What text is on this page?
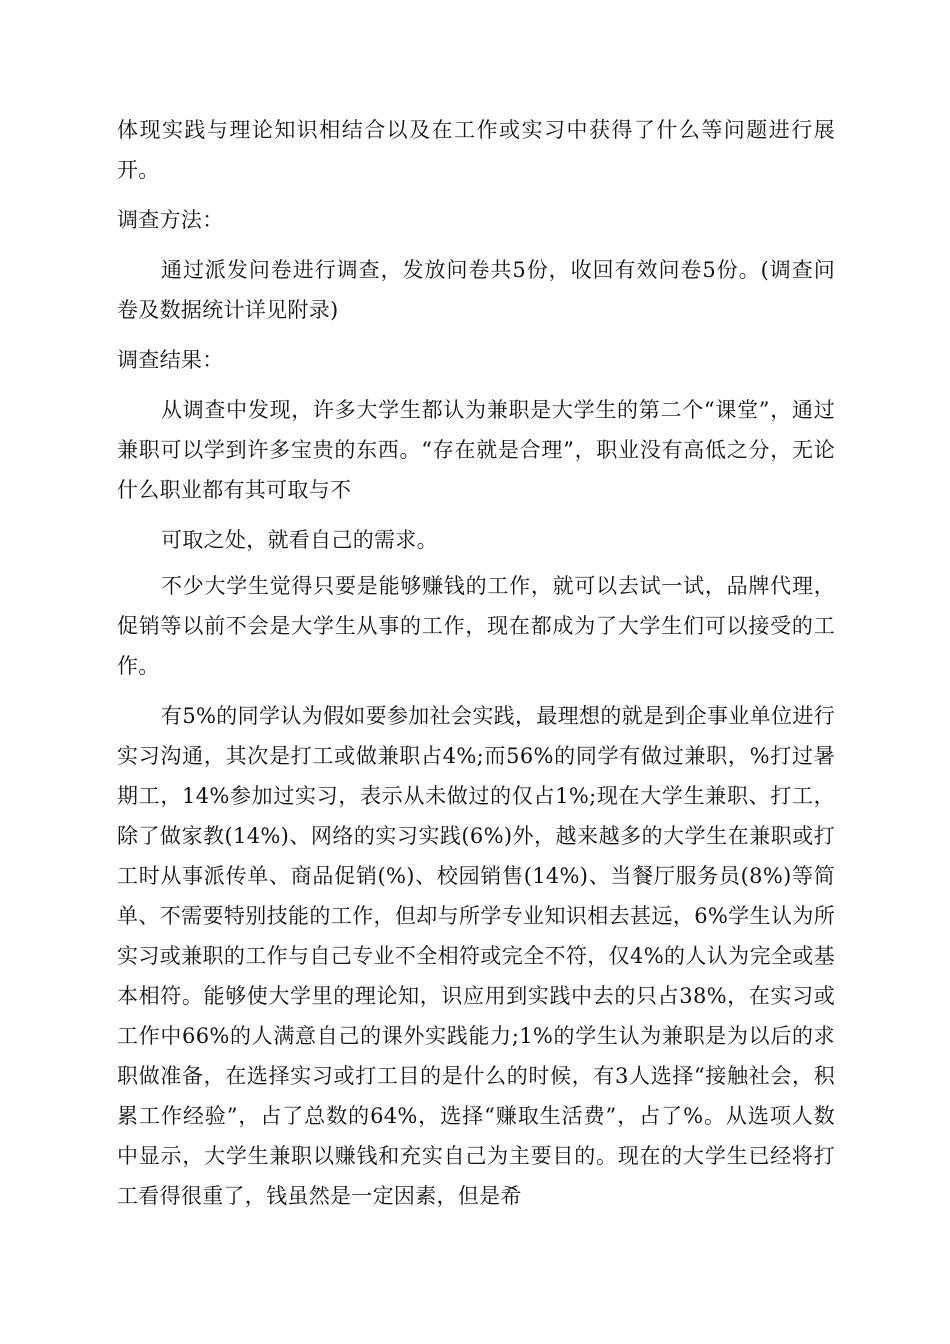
体现实践与理论知识相结合以及在工作或实习中获得了什么等问题进行展开。

调查方法：

通过派发问卷进行调查，发放问卷共5份，收回有效问卷5份。(调查问卷及数据统计详见附录)

调查结果：

从调查中发现，许多大学生都认为兼职是大学生的第二个“课堂”，通过兼职可以学到许多宝贵的东西。“存在就是合理”，职业没有高低之分，无论什么职业都有其可取与不

可取之处，就看自己的需求。

不少大学生觉得只要是能够赚钱的工作，就可以去试一试，品牌代理，促销等以前不会是大学生从事的工作，现在都成为了大学生们可以接受的工作。

有5%的同学认为假如要参加社会实践，最理想的就是到企事业单位进行实习沟通，其次是打工或做兼职占4%;而56%的同学有做过兼职，%打过暑期工，14%参加过实习，表示从未做过的仅占1%;现在大学生兼职、打工，除了做家教(14%)、网络的实习实践(6%)外，越来越多的大学生在兼职或打工时从事派传单、商品促销(%)、校园销售(14%)、当餐厅服务员(8%)等简单、不需要特别技能的工作，但却与所学专业知识相去甚远，6%学生认为所实习或兼职的工作与自己专业不全相符或完全不符，仅4%的人认为完全或基本相符。能够使大学里的理论知，识应用到实践中去的只占38%，在实习或工作中66%的人满意自己的课外实践能力;1%的学生认为兼职是为以后的求职做准备，在选择实习或打工目的是什么的时候，有3人选择“接触社会，积累工作经验”，占了总数的64%，选择“赚取生活费”，占了%。从选项人数中显示，大学生兼职以赚钱和充实自己为主要目的。现在的大学生已经将打工看得很重了，钱虽然是一定因素，但是希
